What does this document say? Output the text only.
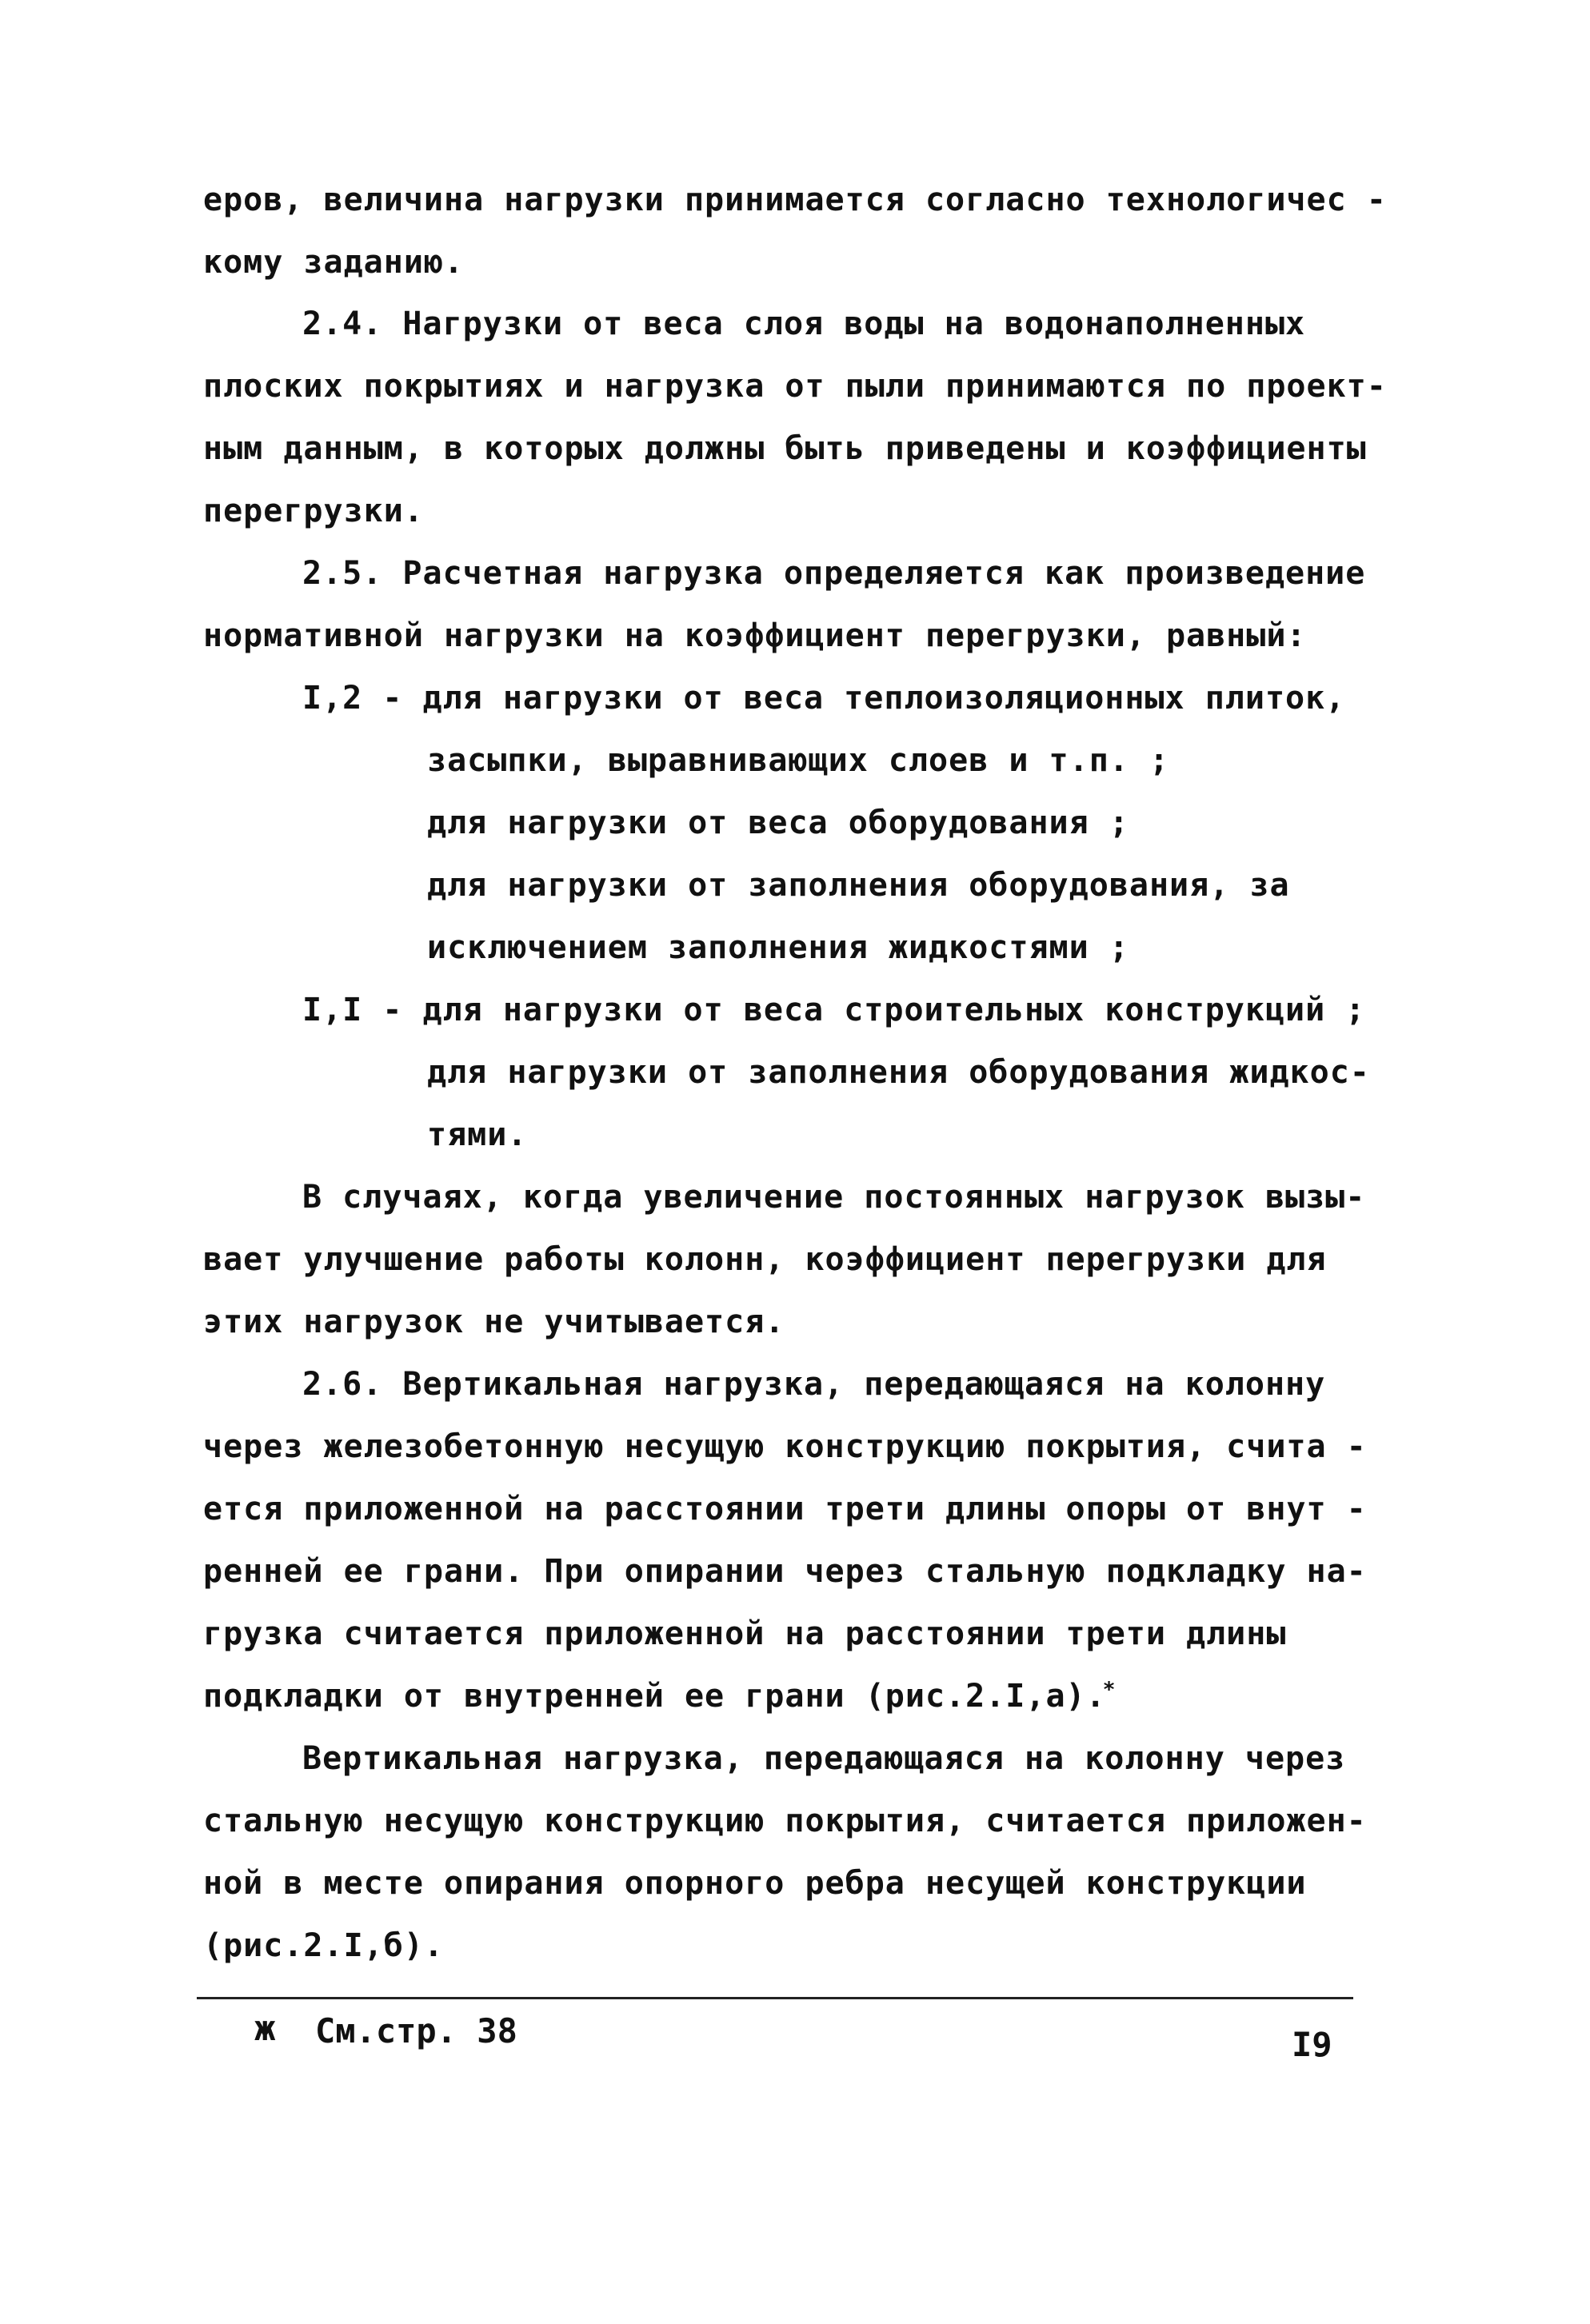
еров, величина нагрузки принимается согласно технологичес -
кому заданию.
2.4. Нагрузки от веса слоя воды на водонаполненных
плоских покрытиях и нагрузка от пыли принимаются по проект-
ным данным, в которых должны быть приведены и коэффициенты
перегрузки.
2.5. Расчетная нагрузка определяется как произведение
нормативной нагрузки на коэффициент перегрузки, равный:
I,2 - для нагрузки от веса теплоизоляционных плиток,
засыпки, выравнивающих слоев и т.п. ;
для нагрузки от веса оборудования ;
для нагрузки от заполнения оборудования, за
исключением заполнения жидкостями ;
I,I - для нагрузки от веса строительных конструкций ;
для нагрузки от заполнения оборудования жидкос-
тями.
В случаях, когда увеличение постоянных нагрузок вызы-
вает улучшение работы колонн, коэффициент перегрузки для
этих нагрузок не учитывается.
2.6. Вертикальная нагрузка, передающаяся на колонну
через железобетонную несущую конструкцию покрытия, счита -
ется приложенной на расстоянии трети длины опоры от внут -
ренней ее грани. При опирании через стальную подкладку на-
грузка считается приложенной на расстоянии трети длины
подкладки от внутренней ее грани (рис.2.I,а).*
Вертикальная нагрузка, передающаяся на колонну через
стальную несущую конструкцию покрытия, считается приложен-
ной в месте опирания опорного ребра несущей конструкции
(рис.2.I,б).
ж См.стр. 38	I9
